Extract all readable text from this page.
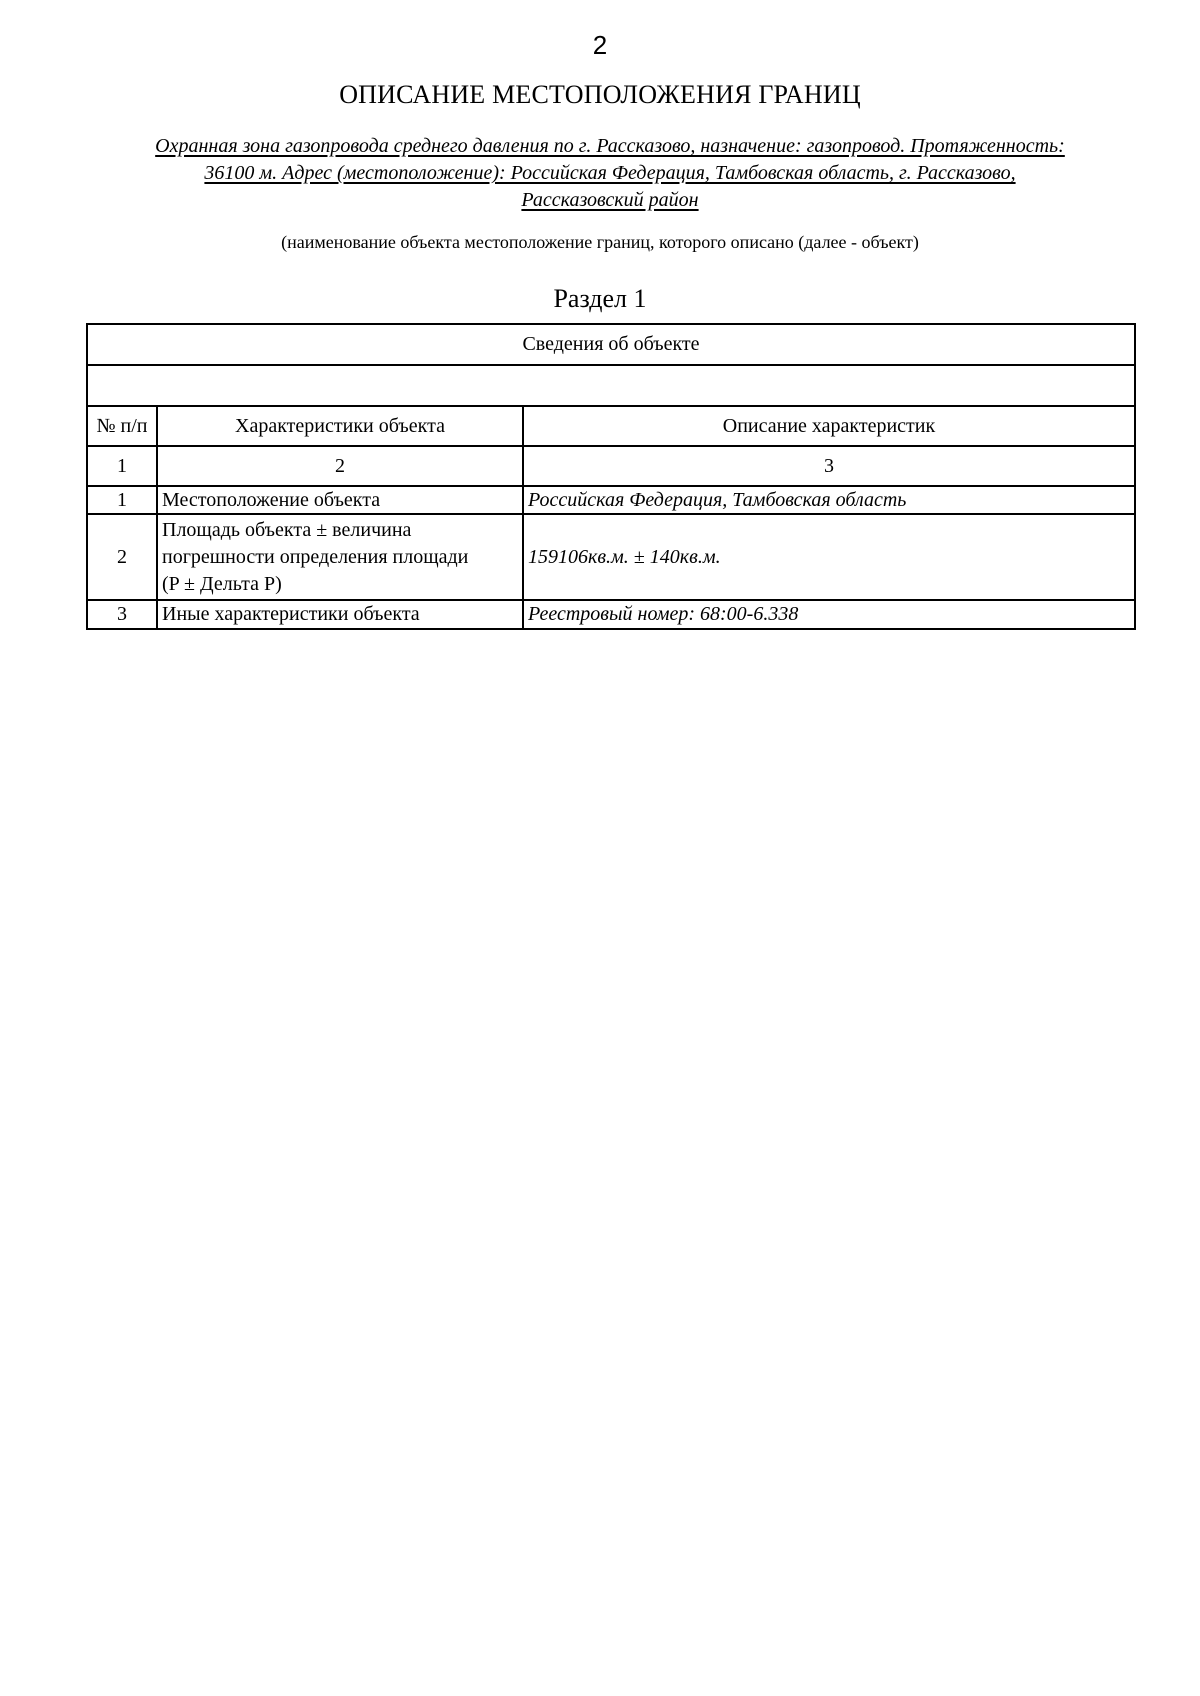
2
ОПИСАНИЕ МЕСТОПОЛОЖЕНИЯ ГРАНИЦ
Охранная зона газопровода среднего давления по г. Рассказово, назначение: газопровод. Протяженность:
36100 м. Адрес (местоположение): Российская Федерация, Тамбовская область, г. Рассказово,
Рассказовский район
(наименование объекта местоположение границ, которого описано (далее - объект)
Раздел 1
Сведения об объекте		

№ п/п	Характеристики объекта	Описание характеристик
1	2	3
1	Местоположение объекта	Российская Федерация, Тамбовская область
2	Площадь объекта ± величина
погрешности определения площади
(P ± Дельта P)	159106кв.м. ± 140кв.м.
3	Иные характеристики объекта	Реестровый номер: 68:00-6.338
